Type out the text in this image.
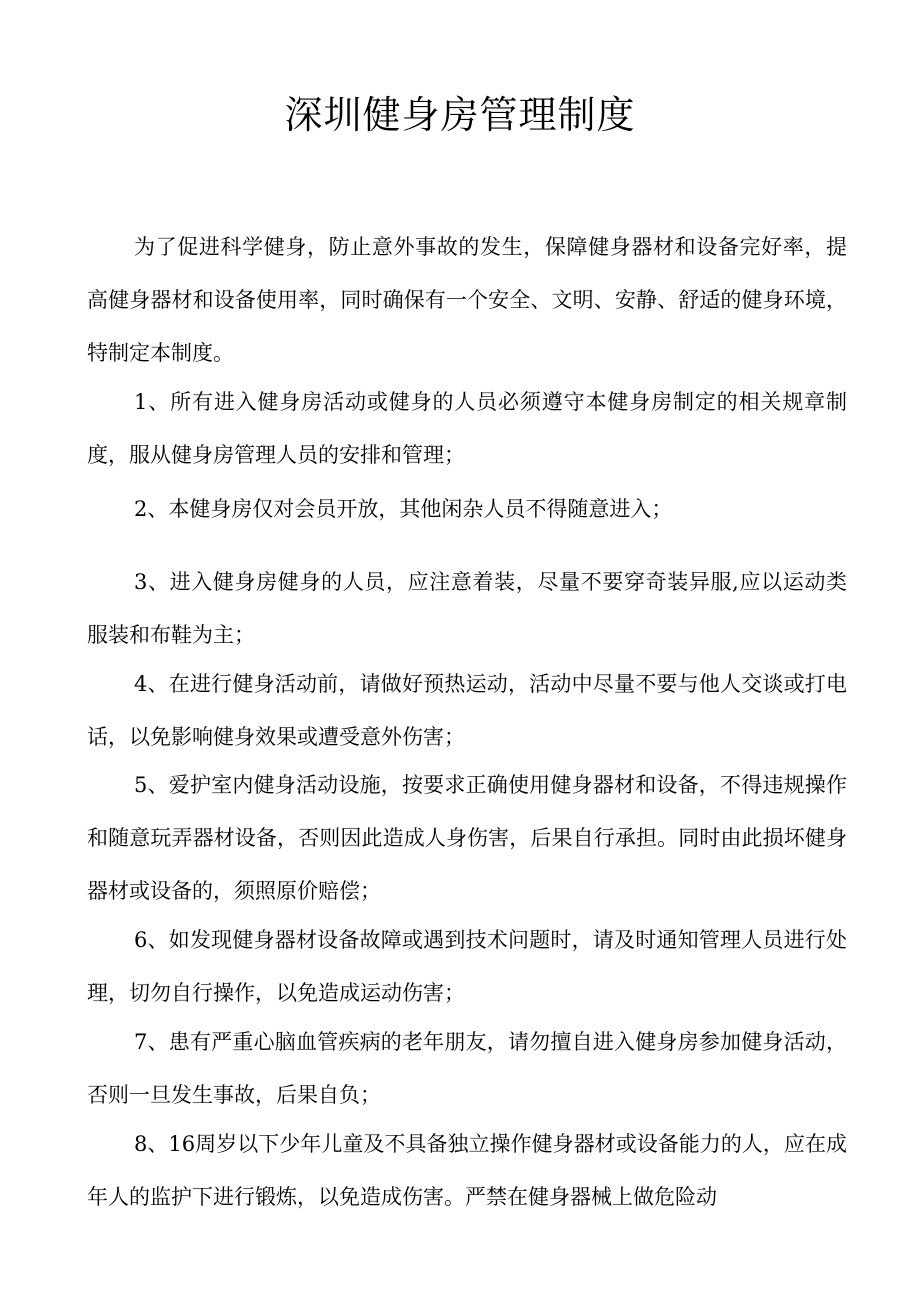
深圳健身房管理制度

为了促进科学健身，防止意外事故的发生，保障健身器材和设备完好率，提高健身器材和设备使用率，同时确保有一个安全、文明、安静、舒适的健身环境，特制定本制度。

1、所有进入健身房活动或健身的人员必须遵守本健身房制定的相关规章制度，服从健身房管理人员的安排和管理；

2、本健身房仅对会员开放，其他闲杂人员不得随意进入；

3、进入健身房健身的人员，应注意着装，尽量不要穿奇装异服,应以运动类服装和布鞋为主；

4、在进行健身活动前，请做好预热运动，活动中尽量不要与他人交谈或打电话，以免影响健身效果或遭受意外伤害；

5、爱护室内健身活动设施，按要求正确使用健身器材和设备，不得违规操作和随意玩弄器材设备，否则因此造成人身伤害，后果自行承担。同时由此损坏健身器材或设备的，须照原价赔偿；

6、如发现健身器材设备故障或遇到技术问题时，请及时通知管理人员进行处理，切勿自行操作，以免造成运动伤害；

7、患有严重心脑血管疾病的老年朋友，请勿擅自进入健身房参加健身活动，否则一旦发生事故，后果自负；

8、16周岁以下少年儿童及不具备独立操作健身器材或设备能力的人，应在成年人的监护下进行锻炼，以免造成伤害。严禁在健身器械上做危险动
